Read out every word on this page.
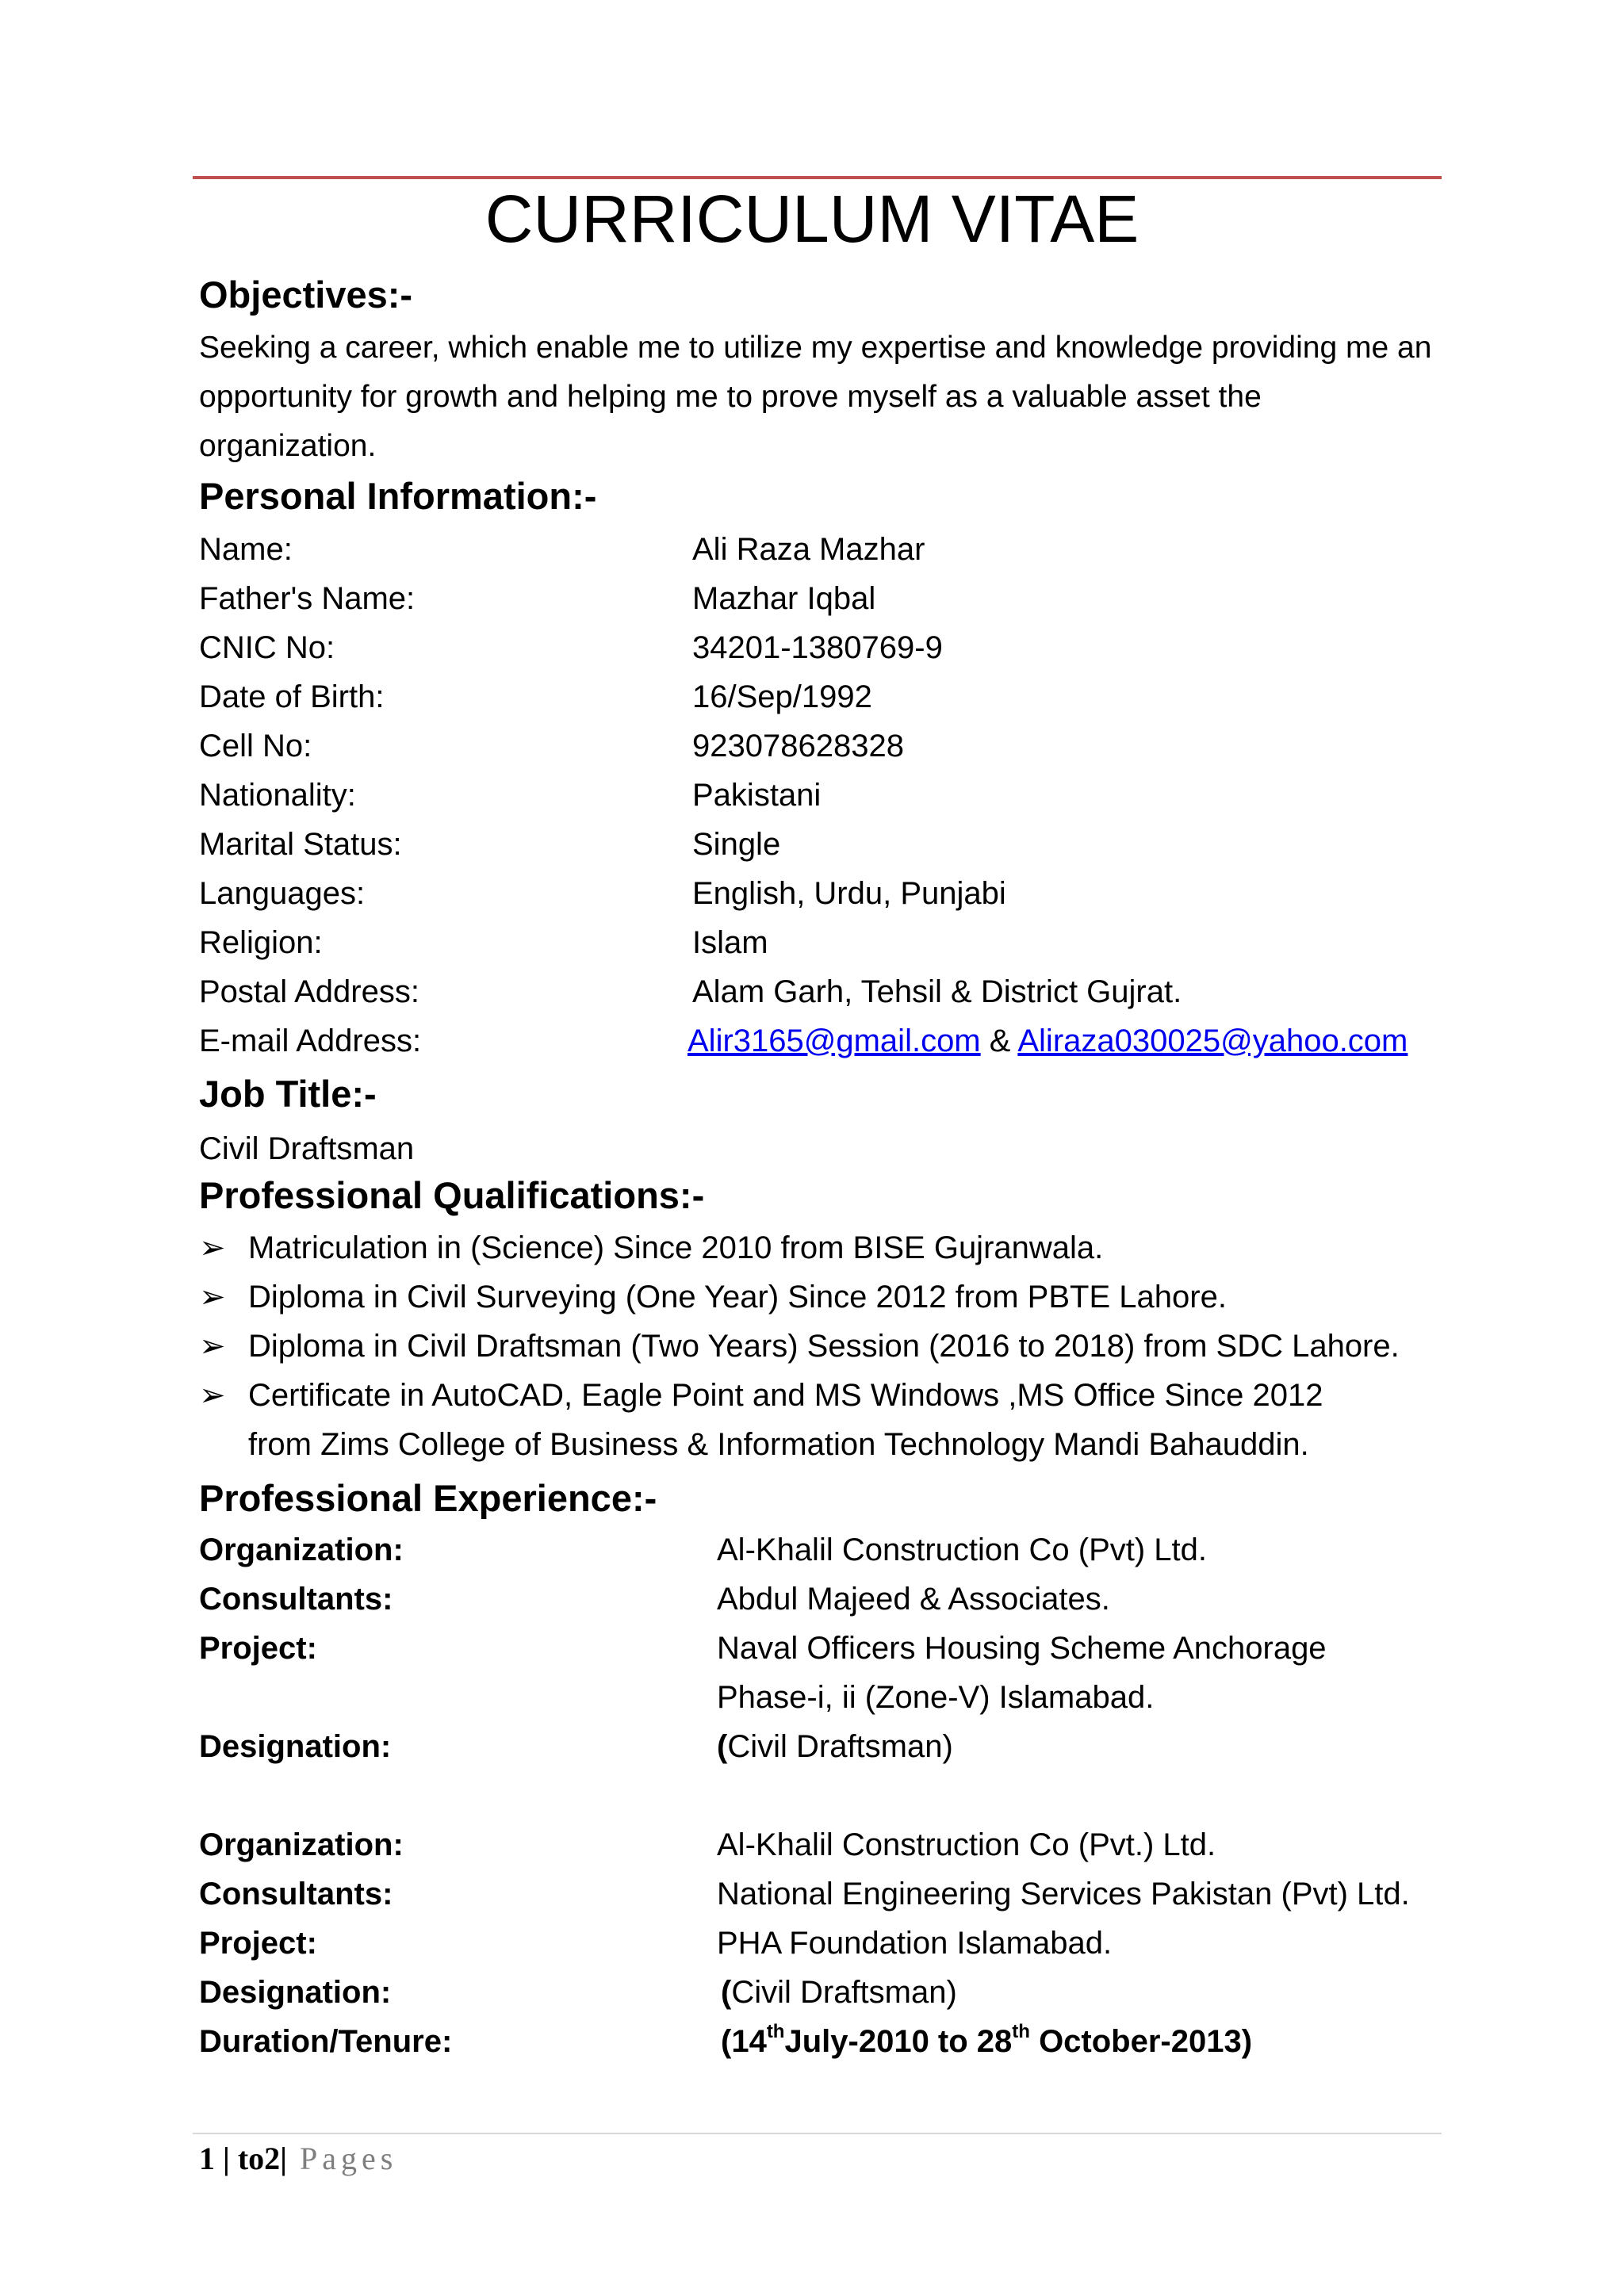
CURRICULUM VITAE
Objectives:-

Seeking a career, which enable me to utilize my expertise and knowledge providing me an opportunity for growth and helping me to prove myself as a valuable asset the organization.

Personal Information:-
Name:	Ali Raza Mazhar
Father's Name:	Mazhar Iqbal
CNIC No:	34201-1380769-9
Date of Birth:	16/Sep/1992
Cell No:	923078628328
Nationality:	Pakistani
Marital Status:	Single
Languages:	English, Urdu, Punjabi
Religion:	Islam
Postal Address:	Alam Garh, Tehsil & District Gujrat.
E-mail Address:	Alir3165@gmail.com & Aliraza030025@yahoo.com
Job Title:-
Civil Draftsman
Professional Qualifications:-
➢ Matriculation in (Science) Since 2010 from BISE Gujranwala.
➢ Diploma in Civil Surveying (One Year) Since 2012 from PBTE Lahore.
➢ Diploma in Civil Draftsman (Two Years) Session (2016 to 2018) from SDC Lahore.
➢ Certificate in AutoCAD, Eagle Point and MS Windows ,MS Office Since 2012
from Zims College of Business & Information Technology Mandi Bahauddin.
Professional Experience:-
Organization:	Al-Khalil Construction Co (Pvt) Ltd.
Consultants:	Abdul Majeed & Associates.
Project:	Naval Officers Housing Scheme Anchorage
Phase-i, ii (Zone-V) Islamabad.
Designation:	(Civil Draftsman)
Organization:	Al-Khalil Construction Co (Pvt.) Ltd.
Consultants:	National Engineering Services Pakistan (Pvt) Ltd.
Project:	PHA Foundation Islamabad.
Designation:	(Civil Draftsman)
Duration/Tenure:	(14thJuly-2010 to 28th October-2013)
1 | to2| Pages
